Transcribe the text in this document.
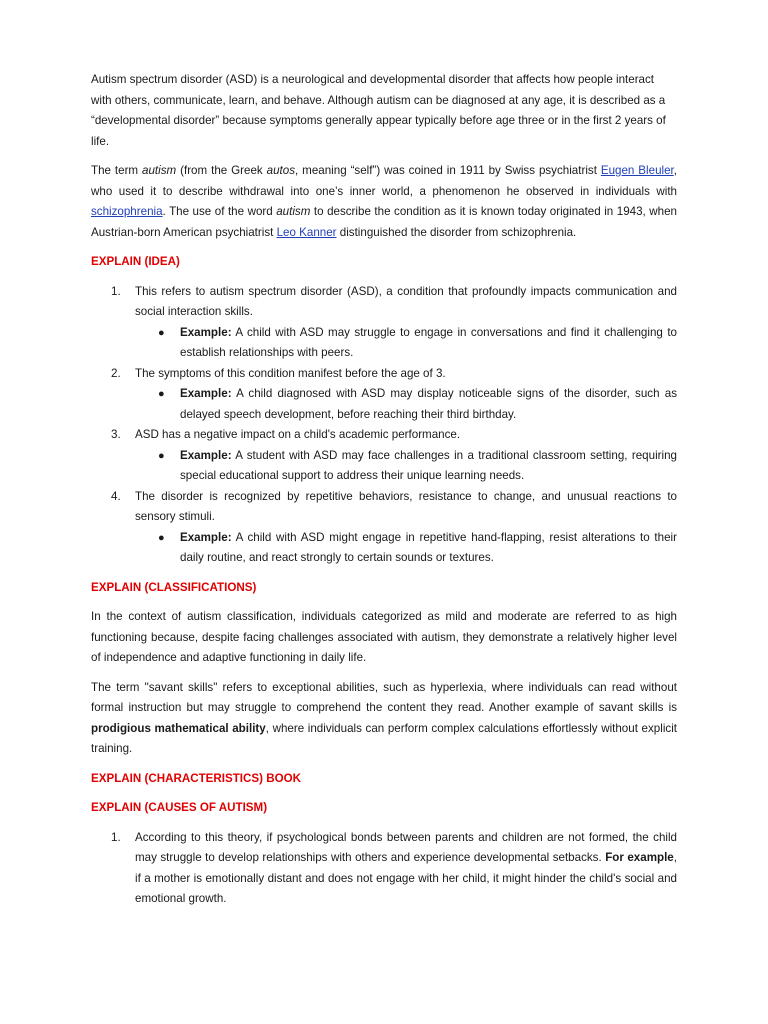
Autism spectrum disorder (ASD) is a neurological and developmental disorder that affects how people interact with others, communicate, learn, and behave. Although autism can be diagnosed at any age, it is described as a “developmental disorder” because symptoms generally appear typically before age three or in the first 2 years of life.

The term autism (from the Greek autos, meaning “self”) was coined in 1911 by Swiss psychiatrist Eugen Bleuler, who used it to describe withdrawal into one’s inner world, a phenomenon he observed in individuals with schizophrenia. The use of the word autism to describe the condition as it is known today originated in 1943, when Austrian-born American psychiatrist Leo Kanner distinguished the disorder from schizophrenia.

EXPLAIN (IDEA)

1. This refers to autism spectrum disorder (ASD), a condition that profoundly impacts communication and social interaction skills.
● Example: A child with ASD may struggle to engage in conversations and find it challenging to establish relationships with peers.
2. The symptoms of this condition manifest before the age of 3.
● Example: A child diagnosed with ASD may display noticeable signs of the disorder, such as delayed speech development, before reaching their third birthday.
3. ASD has a negative impact on a child's academic performance.
● Example: A student with ASD may face challenges in a traditional classroom setting, requiring special educational support to address their unique learning needs.
4. The disorder is recognized by repetitive behaviors, resistance to change, and unusual reactions to sensory stimuli.
● Example: A child with ASD might engage in repetitive hand-flapping, resist alterations to their daily routine, and react strongly to certain sounds or textures.

EXPLAIN (CLASSIFICATIONS)

In the context of autism classification, individuals categorized as mild and moderate are referred to as high functioning because, despite facing challenges associated with autism, they demonstrate a relatively higher level of independence and adaptive functioning in daily life.

The term "savant skills" refers to exceptional abilities, such as hyperlexia, where individuals can read without formal instruction but may struggle to comprehend the content they read. Another example of savant skills is prodigious mathematical ability, where individuals can perform complex calculations effortlessly without explicit training.

EXPLAIN (CHARACTERISTICS) BOOK

EXPLAIN (CAUSES OF AUTISM)

1. According to this theory, if psychological bonds between parents and children are not formed, the child may struggle to develop relationships with others and experience developmental setbacks. For example, if a mother is emotionally distant and does not engage with her child, it might hinder the child's social and emotional growth.
